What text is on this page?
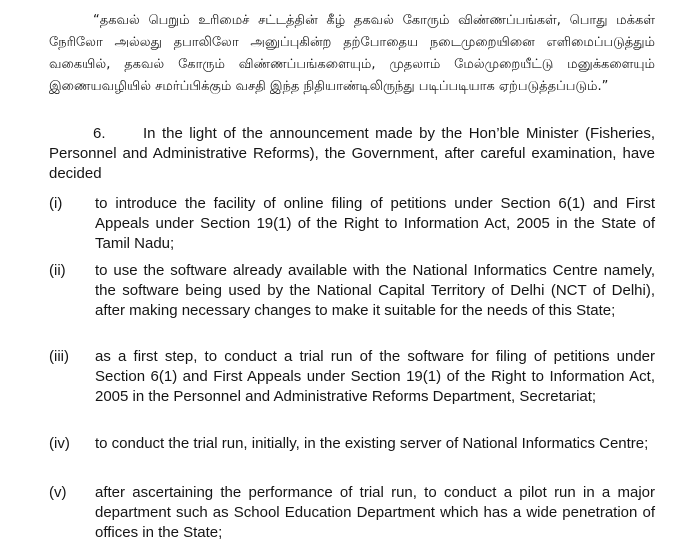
“தகவல் பெறும் உரிமைச் சட்டத்தின் கீழ் தகவல் கோரும் விண்ணப்பங்கள், பொது மக்கள் நேரிலோ அல்லது தபாலிலோ அனுப்புகின்ற தற்போதைய நடைமுறையினை எளிமைப்படுத்தும் வகையில், தகவல் கோரும் விண்ணப்பங்களையும், முதலாம் மேல்முறையீட்டு மனுக்களையும் இணையவழியில் சமர்ப்பிக்கும் வசதி இந்த நிதியாண்டிலிருந்து படிப்படியாக ஏற்படுத்தப்படும்.”
6. In the light of the announcement made by the Hon’ble Minister (Fisheries, Personnel and Administrative Reforms), the Government, after careful examination, have decided
(i)	to introduce the facility of online filing of petitions under Section 6(1) and First Appeals under Section 19(1) of the Right to Information Act, 2005 in the State of Tamil Nadu;
(ii)	to use the software already available with the National Informatics Centre namely, the software being used by the National Capital Territory of Delhi (NCT of Delhi), after making necessary changes to make it suitable for the needs of this State;
(iii)	as a first step, to conduct a trial run of the software for filing of petitions under Section 6(1) and First Appeals under Section 19(1) of the Right to Information Act, 2005 in the Personnel and Administrative Reforms Department, Secretariat;
(iv)	to conduct the trial run, initially, in the existing server of National Informatics Centre;
(v)	after ascertaining the performance of trial run, to conduct a pilot run in a major department such as School Education Department which has a wide penetration of offices in the State;
